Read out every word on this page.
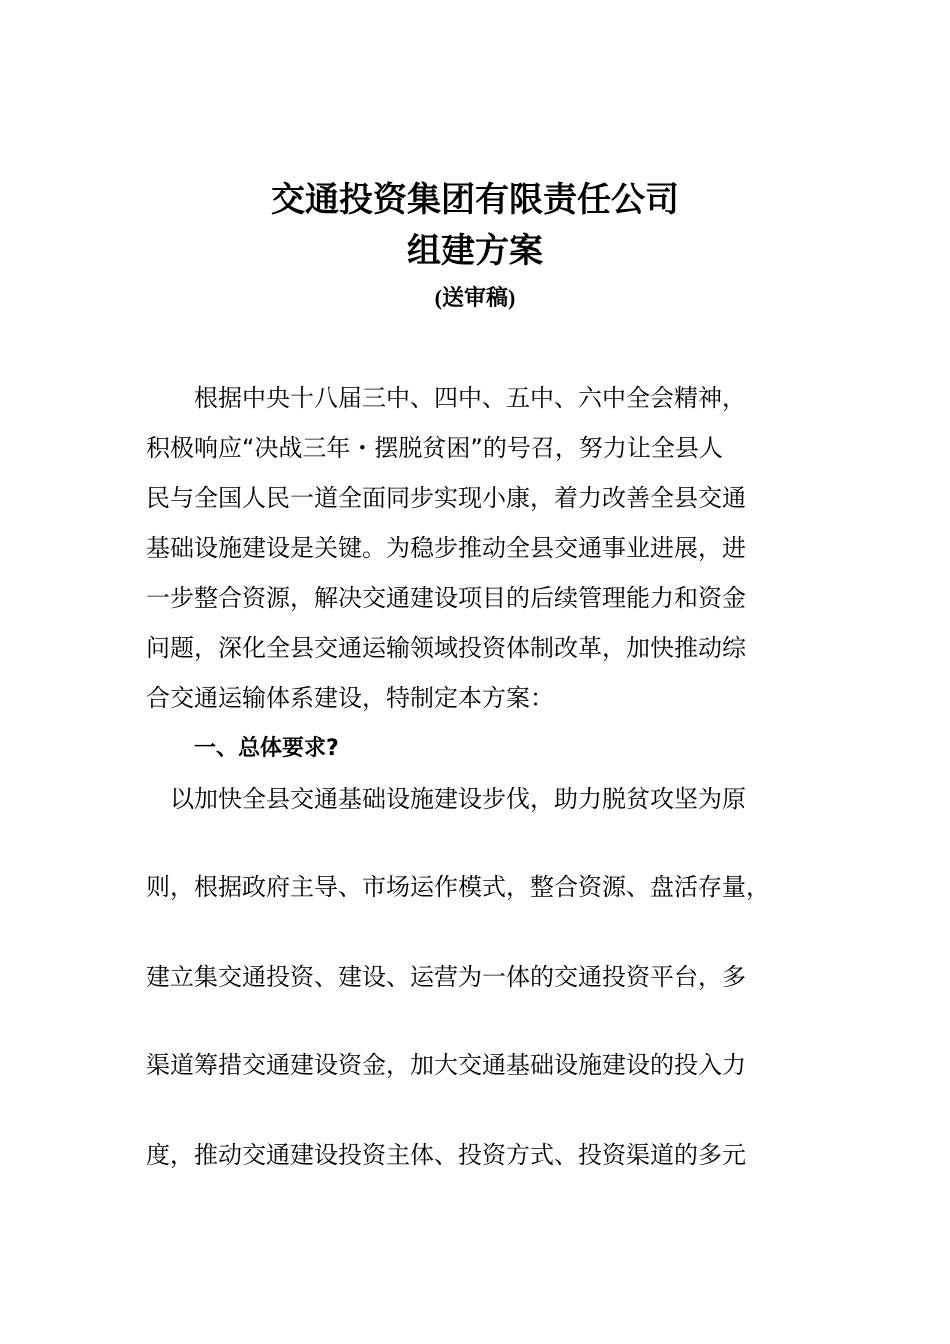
交通投资集团有限责任公司
组建方案
(送审稿)
　　根据中央十八届三中、四中、五中、六中全会精神，
积极响应“决战三年・摆脱贫困”的号召，努力让全县人
民与全国人民一道全面同步实现小康，着力改善全县交通
基础设施建设是关键。为稳步推动全县交通事业进展，进
一步整合资源，解决交通建设项目的后续管理能力和资金
问题，深化全县交通运输领域投资体制改革，加快推动综
合交通运输体系建设，特制定本方案：
一、总体要求?
　以加快全县交通基础设施建设步伐，助力脱贫攻坚为原
则，根据政府主导、市场运作模式，整合资源、盘活存量，
建立集交通投资、建设、运营为一体的交通投资平台，多
渠道筹措交通建设资金，加大交通基础设施建设的投入力
度，推动交通建设投资主体、投资方式、投资渠道的多元
